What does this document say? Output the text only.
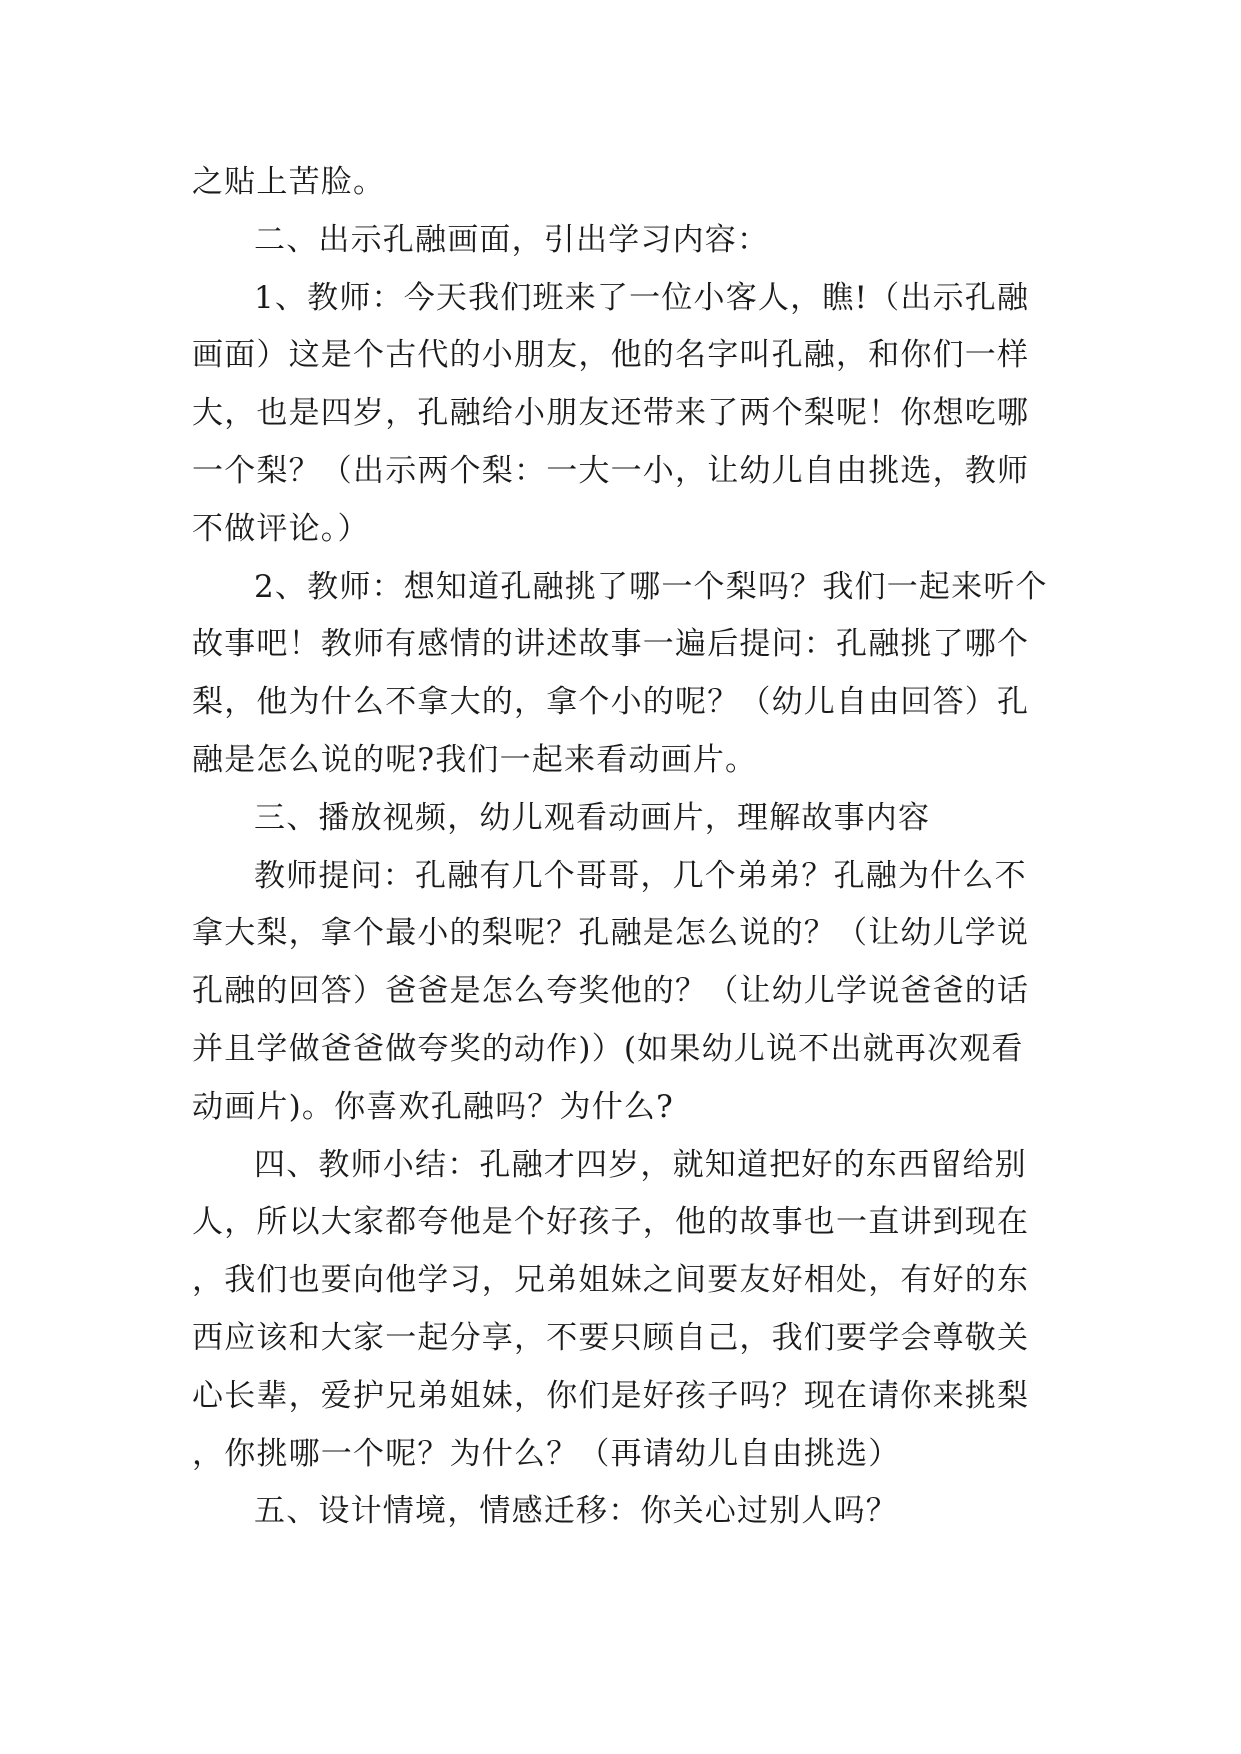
之贴上苦脸。

二、出示孔融画面，引出学习内容：

1、教师：今天我们班来了一位小客人，瞧!（出示孔融画面）这是个古代的小朋友，他的名字叫孔融，和你们一样大，也是四岁，孔融给小朋友还带来了两个梨呢！你想吃哪一个梨？（出示两个梨：一大一小，让幼儿自由挑选，教师不做评论。）

2、教师：想知道孔融挑了哪一个梨吗？我们一起来听个故事吧！教师有感情的讲述故事一遍后提问：孔融挑了哪个梨，他为什么不拿大的，拿个小的呢？（幼儿自由回答）孔融是怎么说的呢?我们一起来看动画片。

三、播放视频，幼儿观看动画片，理解故事内容

教师提问：孔融有几个哥哥，几个弟弟？孔融为什么不拿大梨，拿个最小的梨呢？孔融是怎么说的？（让幼儿学说孔融的回答）爸爸是怎么夸奖他的？（让幼儿学说爸爸的话并且学做爸爸做夸奖的动作)）(如果幼儿说不出就再次观看动画片)。你喜欢孔融吗？为什么?

四、教师小结：孔融才四岁，就知道把好的东西留给别人，所以大家都夸他是个好孩子，他的故事也一直讲到现在，我们也要向他学习，兄弟姐妹之间要友好相处，有好的东西应该和大家一起分享，不要只顾自己，我们要学会尊敬关心长辈，爱护兄弟姐妹，你们是好孩子吗？现在请你来挑梨，你挑哪一个呢？为什么？（再请幼儿自由挑选）

五、设计情境，情感迁移：你关心过别人吗？
